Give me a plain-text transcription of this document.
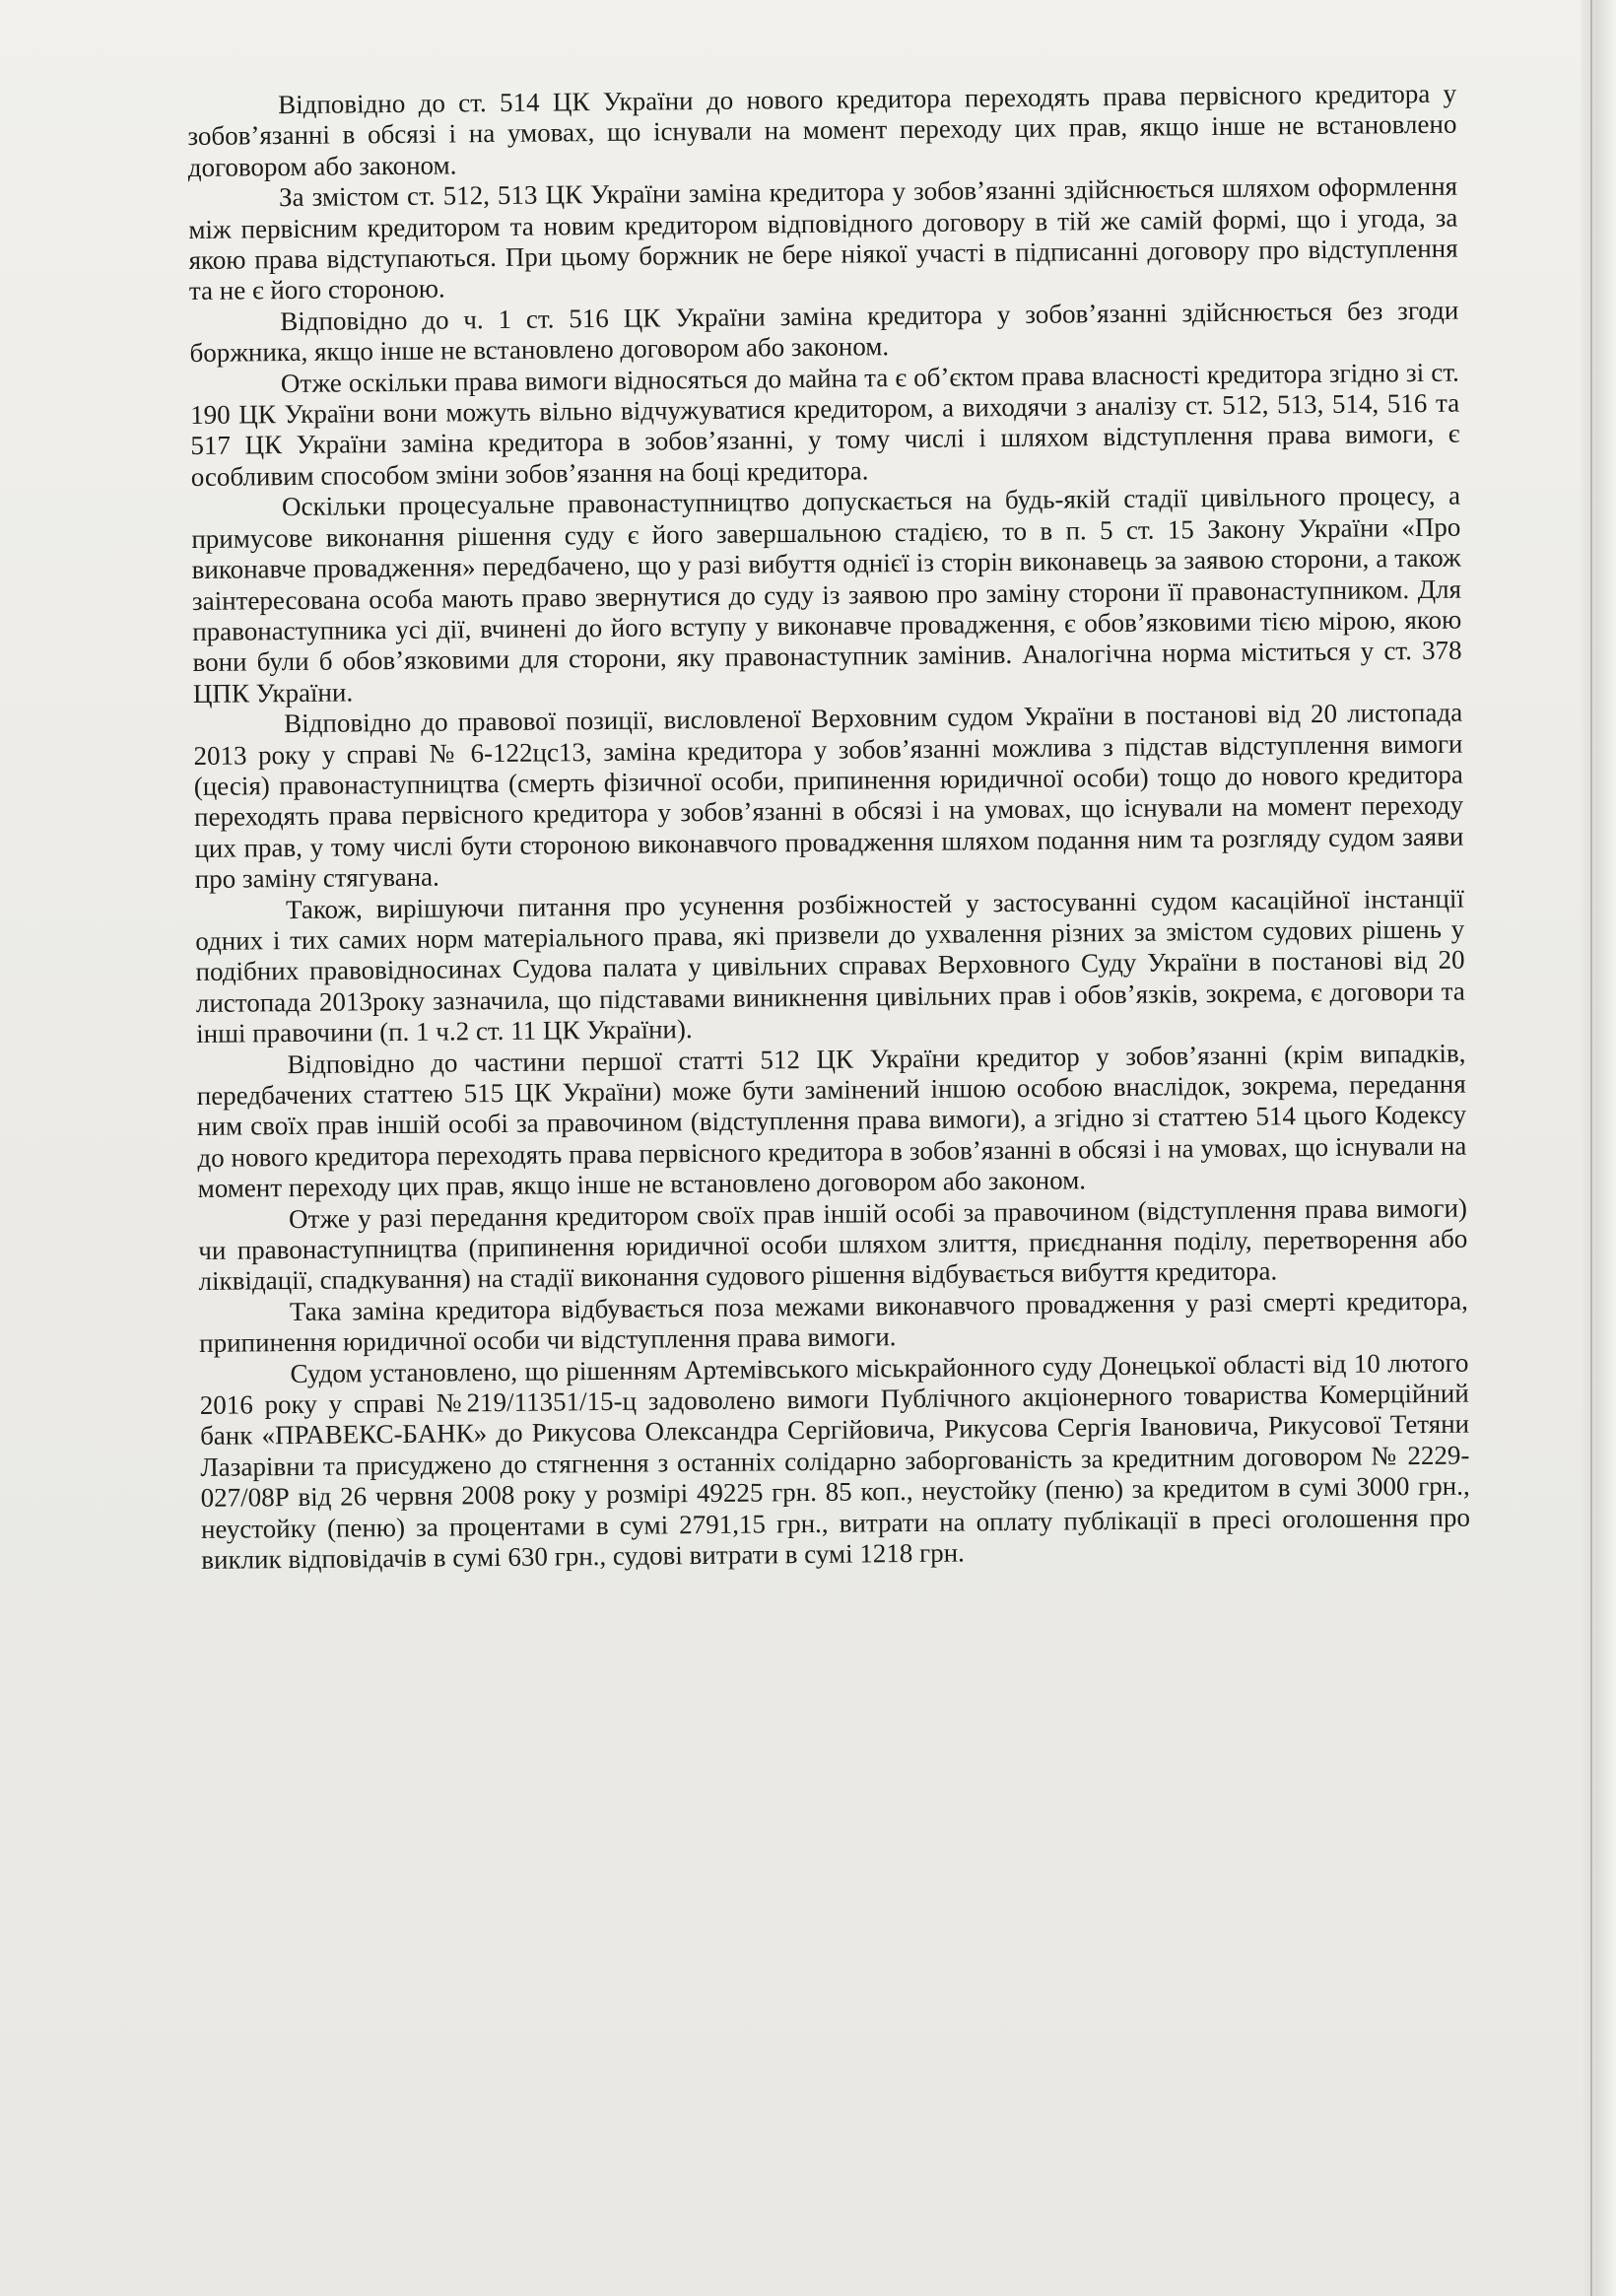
Відповідно до ст. 514 ЦК України до нового кредитора переходять права первісного кредитора у зобов’язанні в обсязі і на умовах, що існували на момент переходу цих прав, якщо інше не встановлено договором або законом.

За змістом ст. 512, 513 ЦК України заміна кредитора у зобов’язанні здійснюється шляхом оформлення між первісним кредитором та новим кредитором відповідного договору в тій же самій формі, що і угода, за якою права відступаються. При цьому боржник не бере ніякої участі в підписанні договору про відступлення та не є його стороною.

Відповідно до ч. 1 ст. 516 ЦК України заміна кредитора у зобов’язанні здійснюється без згоди боржника, якщо інше не встановлено договором або законом.

Отже оскільки права вимоги відносяться до майна та є об’єктом права власності кредитора згідно зі ст. 190 ЦК України вони можуть вільно відчужуватися кредитором, а виходячи з аналізу ст. 512, 513, 514, 516 та 517 ЦК України заміна кредитора в зобов’язанні, у тому числі і шляхом відступлення права вимоги, є особливим способом зміни зобов’язання на боці кредитора.

Оскільки процесуальне правонаступництво допускається на будь-якій стадії цивільного процесу, а примусове виконання рішення суду є його завершальною стадією, то в п. 5 ст. 15 Закону України «Про виконавче провадження» передбачено, що у разі вибуття однієї із сторін виконавець за заявою сторони, а також заінтересована особа мають право звернутися до суду із заявою про заміну сторони її правонаступником. Для правонаступника усі дії, вчинені до його вступу у виконавче провадження, є обов’язковими тією мірою, якою вони були б обов’язковими для сторони, яку правонаступник замінив. Аналогічна норма міститься у ст. 378 ЦПК України.

Відповідно до правової позиції, висловленої Верховним судом України в постанові від 20 листопада 2013 року у справі № 6-122цс13, заміна кредитора у зобов’язанні можлива з підстав відступлення вимоги (цесія) правонаступництва (смерть фізичної особи, припинення юридичної особи) тощо до нового кредитора переходять права первісного кредитора у зобов’язанні в обсязі і на умовах, що існували на момент переходу цих прав, у тому числі бути стороною виконавчого провадження шляхом подання ним та розгляду судом заяви про заміну стягувана.

Також, вирішуючи питання про усунення розбіжностей у застосуванні судом касаційної інстанції одних і тих самих норм матеріального права, які призвели до ухвалення різних за змістом судових рішень у подібних правовідносинах Судова палата у цивільних справах Верховного Суду України в постанові від 20 листопада 2013року зазначила, що підставами виникнення цивільних прав і обов’язків, зокрема, є договори та інші правочини (п. 1 ч.2 ст. 11 ЦК України).

Відповідно до частини першої статті 512 ЦК України кредитор у зобов’язанні (крім випадків, передбачених статтею 515 ЦК України) може бути замінений іншою особою внаслідок, зокрема, передання ним своїх прав іншій особі за правочином (відступлення права вимоги), а згідно зі статтею 514 цього Кодексу до нового кредитора переходять права первісного кредитора в зобов’язанні в обсязі і на умовах, що існували на момент переходу цих прав, якщо інше не встановлено договором або законом.

Отже у разі передання кредитором своїх прав іншій особі за правочином (відступлення права вимоги) чи правонаступництва (припинення юридичної особи шляхом злиття, приєднання поділу, перетворення або ліквідації, спадкування) на стадії виконання судового рішення відбувається вибуття кредитора.

Така заміна кредитора відбувається поза межами виконавчого провадження у разі смерті кредитора, припинення юридичної особи чи відступлення права вимоги.

Судом установлено, що рішенням Артемівського міськрайонного суду Донецької області від 10 лютого 2016 року у справі №219/11351/15-ц задоволено вимоги Публічного акціонерного товариства Комерційний банк «ПРАВЕКС-БАНК» до Рикусова Олександра Сергійовича, Рикусова Сергія Івановича, Рикусової Тетяни Лазарівни та присуджено до стягнення з останніх солідарно заборгованість за кредитним договором № 2229-027/08Р від 26 червня 2008 року у розмірі 49225 грн. 85 коп., неустойку (пеню) за кредитом в сумі 3000 грн., неустойку (пеню) за процентами в сумі 2791,15 грн., витрати на оплату публікації в пресі оголошення про виклик відповідачів в сумі 630 грн., судові витрати в сумі 1218 грн.
